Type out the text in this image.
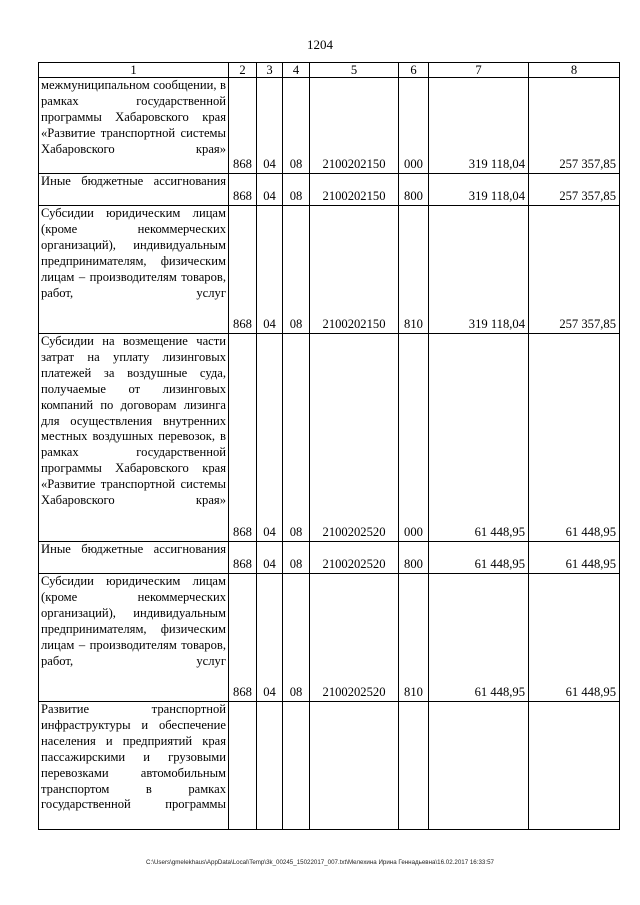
1204
1	2	3	4	5	6	7	8
межмуниципальном сообщении, в рамках государственной программы Хабаровского края «Развитие транспортной системы Хабаровского края»	868	04	08	2100202150	000	319 118,04	257 357,85
Иные бюджетные ассигнования	868	04	08	2100202150	800	319 118,04	257 357,85
Субсидии юридическим лицам (кроме некоммерческих организаций), индивидуальным предпринимателям, физическим лицам – производителям товаров, работ, услуг	868	04	08	2100202150	810	319 118,04	257 357,85
Субсидии на возмещение части затрат на уплату лизинговых платежей за воздушные суда, получаемые от лизинговых компаний по договорам лизинга для осуществления внутренних местных воздушных перевозок, в рамках государственной программы Хабаровского края «Развитие транспортной системы Хабаровского края»	868	04	08	2100202520	000	61 448,95	61 448,95
Иные бюджетные ассигнования	868	04	08	2100202520	800	61 448,95	61 448,95
Субсидии юридическим лицам (кроме некоммерческих организаций), индивидуальным предпринимателям, физическим лицам – производителям товаров, работ, услуг	868	04	08	2100202520	810	61 448,95	61 448,95
Развитие транспортной инфраструктуры и обеспечение населения и предприятий края пассажирскими и грузовыми перевозками автомобильным транспортом в рамках государственной программы							
C:\Users\gmelekhaus\AppData\Local\Temp\3k_00245_15022017_007.txt\Мелехина Ирина Геннадьевна\16.02.2017 16:33:57
